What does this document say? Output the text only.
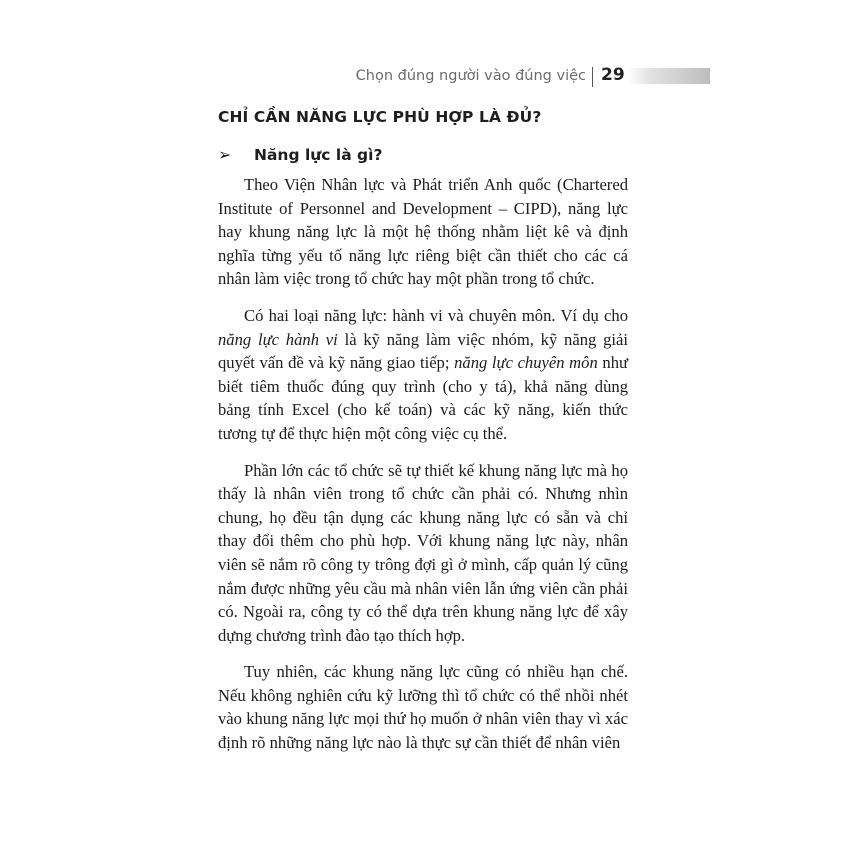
Chọn đúng người vào đúng việc 29
CHỈ CẦN NĂNG LỰC PHÙ HỢP LÀ ĐỦ?
➢ Năng lực là gì?

Theo Viện Nhân lực và Phát triển Anh quốc (Chartered Institute of Personnel and Development – CIPD), năng lực hay khung năng lực là một hệ thống nhằm liệt kê và định nghĩa từng yếu tố năng lực riêng biệt cần thiết cho các cá nhân làm việc trong tổ chức hay một phần trong tổ chức.

Có hai loại năng lực: hành vi và chuyên môn. Ví dụ cho năng lực hành vi là kỹ năng làm việc nhóm, kỹ năng giải quyết vấn đề và kỹ năng giao tiếp; năng lực chuyên môn như biết tiêm thuốc đúng quy trình (cho y tá), khả năng dùng bảng tính Excel (cho kế toán) và các kỹ năng, kiến thức tương tự để thực hiện một công việc cụ thể.

Phần lớn các tổ chức sẽ tự thiết kế khung năng lực mà họ thấy là nhân viên trong tổ chức cần phải có. Nhưng nhìn chung, họ đều tận dụng các khung năng lực có sẵn và chỉ thay đổi thêm cho phù hợp. Với khung năng lực này, nhân viên sẽ nắm rõ công ty trông đợi gì ở mình, cấp quản lý cũng nắm được những yêu cầu mà nhân viên lẫn ứng viên cần phải có. Ngoài ra, công ty có thể dựa trên khung năng lực để xây dựng chương trình đào tạo thích hợp.

Tuy nhiên, các khung năng lực cũng có nhiều hạn chế. Nếu không nghiên cứu kỹ lưỡng thì tổ chức có thể nhồi nhét vào khung năng lực mọi thứ họ muốn ở nhân viên thay vì xác định rõ những năng lực nào là thực sự cần thiết để nhân viên
